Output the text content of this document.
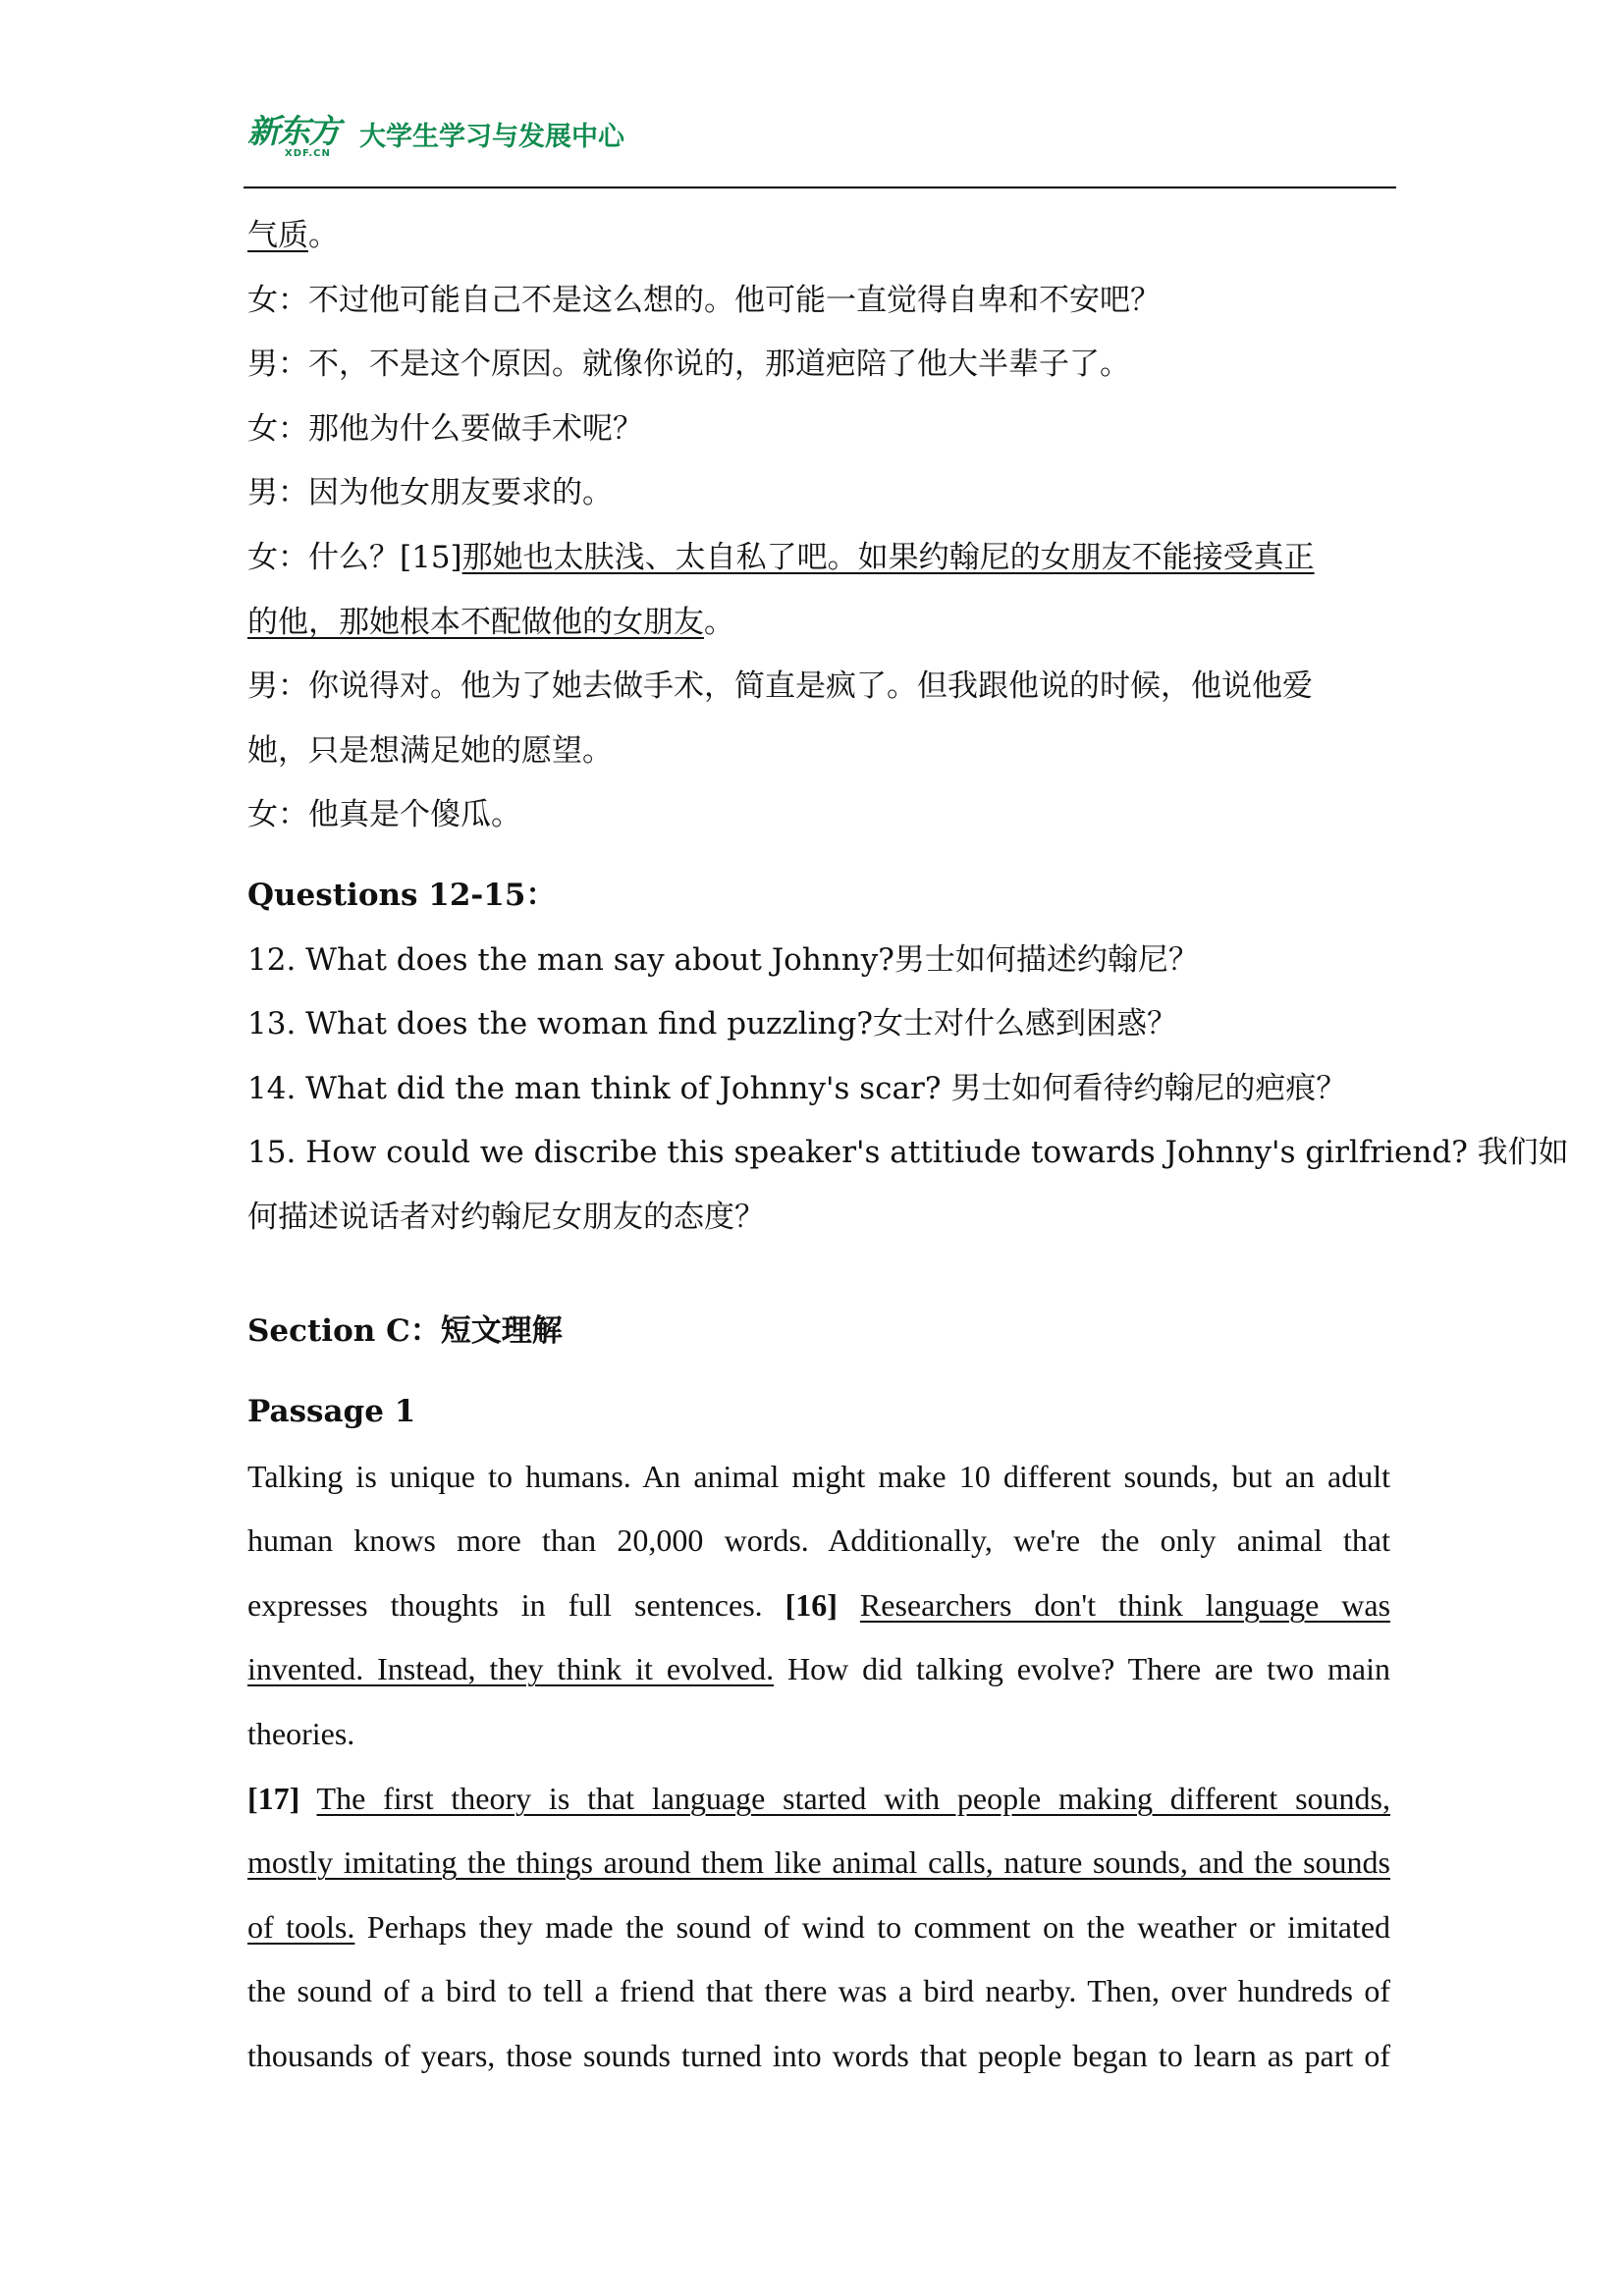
新东方
XDF.CN
大学生学习与发展中心
气质。
女：不过他可能自己不是这么想的。他可能一直觉得自卑和不安吧？
男：不，不是这个原因。就像你说的，那道疤陪了他大半辈子了。
女：那他为什么要做手术呢？
男：因为他女朋友要求的。
女：什么？[15]那她也太肤浅、太自私了吧。如果约翰尼的女朋友不能接受真正
的他，那她根本不配做他的女朋友。
男：你说得对。他为了她去做手术，简直是疯了。但我跟他说的时候，他说他爱
她，只是想满足她的愿望。
女：他真是个傻瓜。
Questions 12-15：
12. What does the man say about Johnny?男士如何描述约翰尼？
13. What does the woman find puzzling?女士对什么感到困惑？
14. What did the man think of Johnny's scar? 男士如何看待约翰尼的疤痕？
15. How could we discribe this speaker's attitiude towards Johnny's girlfriend? 我们如
何描述说话者对约翰尼女朋友的态度？
Section C：短文理解
Passage 1
Talking is unique to humans. An animal might make 10 different sounds, but an adult
human knows more than 20,000 words. Additionally, we're the only animal that
expresses thoughts in full sentences. [16] Researchers don't think language was
invented. Instead, they think it evolved. How did talking evolve? There are two main
theories.
[17] The first theory is that language started with people making different sounds,
mostly imitating the things around them like animal calls, nature sounds, and the sounds
of tools. Perhaps they made the sound of wind to comment on the weather or imitated
the sound of a bird to tell a friend that there was a bird nearby. Then, over hundreds of
thousands of years, those sounds turned into words that people began to learn as part of
